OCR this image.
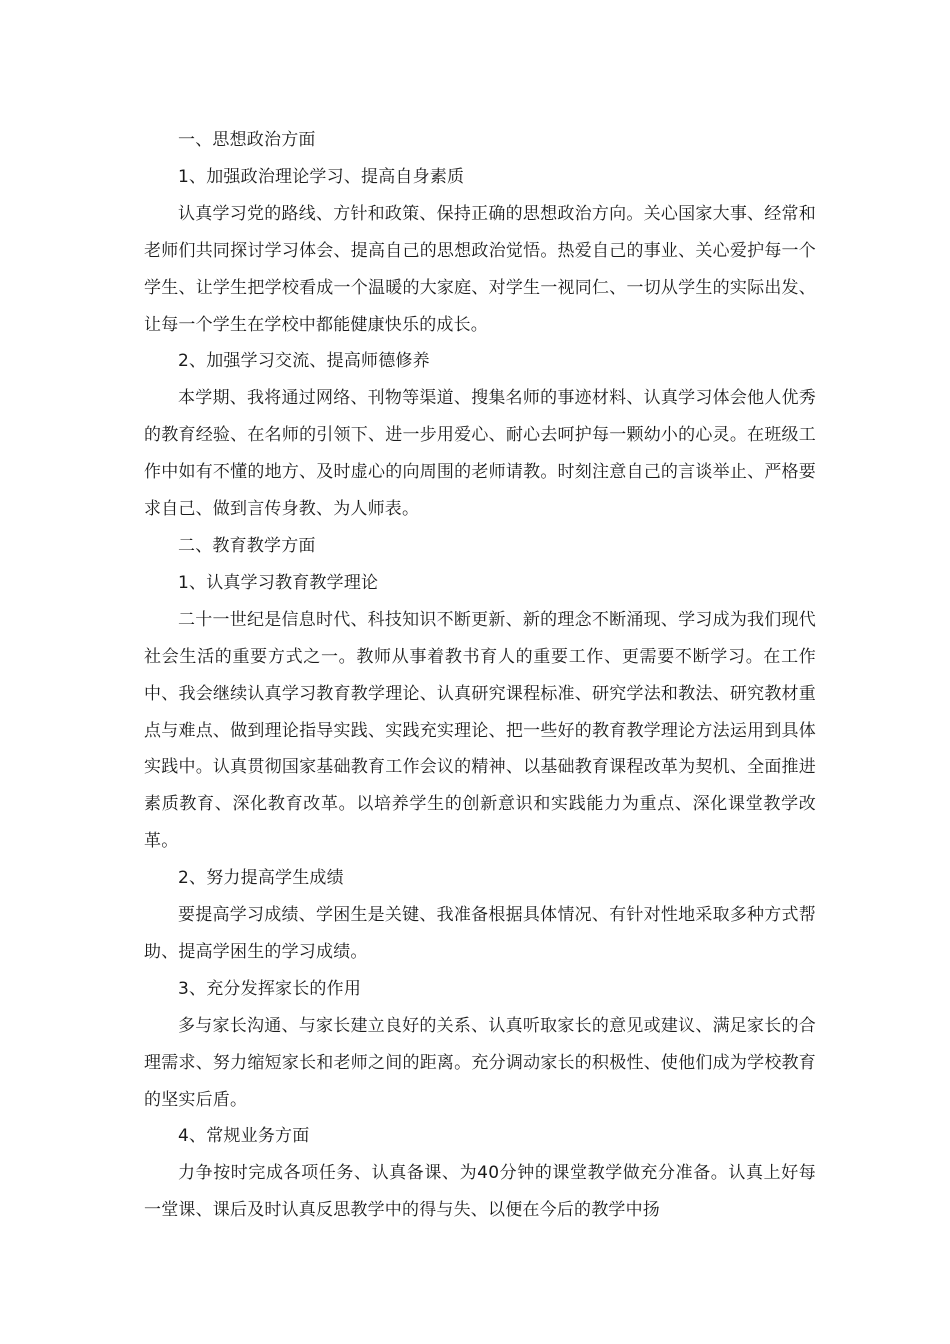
一、思想政治方面

1、加强政治理论学习、提高自身素质

认真学习党的路线、方针和政策、保持正确的思想政治方向。关心国家大事、经常和老师们共同探讨学习体会、提高自己的思想政治觉悟。热爱自己的事业、关心爱护每一个学生、让学生把学校看成一个温暖的大家庭、对学生一视同仁、一切从学生的实际出发、让每一个学生在学校中都能健康快乐的成长。

2、加强学习交流、提高师德修养

本学期、我将通过网络、刊物等渠道、搜集名师的事迹材料、认真学习体会他人优秀的教育经验、在名师的引领下、进一步用爱心、耐心去呵护每一颗幼小的心灵。在班级工作中如有不懂的地方、及时虚心的向周围的老师请教。时刻注意自己的言谈举止、严格要求自己、做到言传身教、为人师表。

二、教育教学方面

1、认真学习教育教学理论

二十一世纪是信息时代、科技知识不断更新、新的理念不断涌现、学习成为我们现代社会生活的重要方式之一。教师从事着教书育人的重要工作、更需要不断学习。在工作中、我会继续认真学习教育教学理论、认真研究课程标准、研究学法和教法、研究教材重点与难点、做到理论指导实践、实践充实理论、把一些好的教育教学理论方法运用到具体实践中。认真贯彻国家基础教育工作会议的精神、以基础教育课程改革为契机、全面推进素质教育、深化教育改革。以培养学生的创新意识和实践能力为重点、深化课堂教学改革。

2、努力提高学生成绩

要提高学习成绩、学困生是关键、我准备根据具体情况、有针对性地采取多种方式帮助、提高学困生的学习成绩。

3、充分发挥家长的作用

多与家长沟通、与家长建立良好的关系、认真听取家长的意见或建议、满足家长的合理需求、努力缩短家长和老师之间的距离。充分调动家长的积极性、使他们成为学校教育的坚实后盾。

4、常规业务方面

力争按时完成各项任务、认真备课、为40分钟的课堂教学做充分准备。认真上好每一堂课、课后及时认真反思教学中的得与失、以便在今后的教学中扬
